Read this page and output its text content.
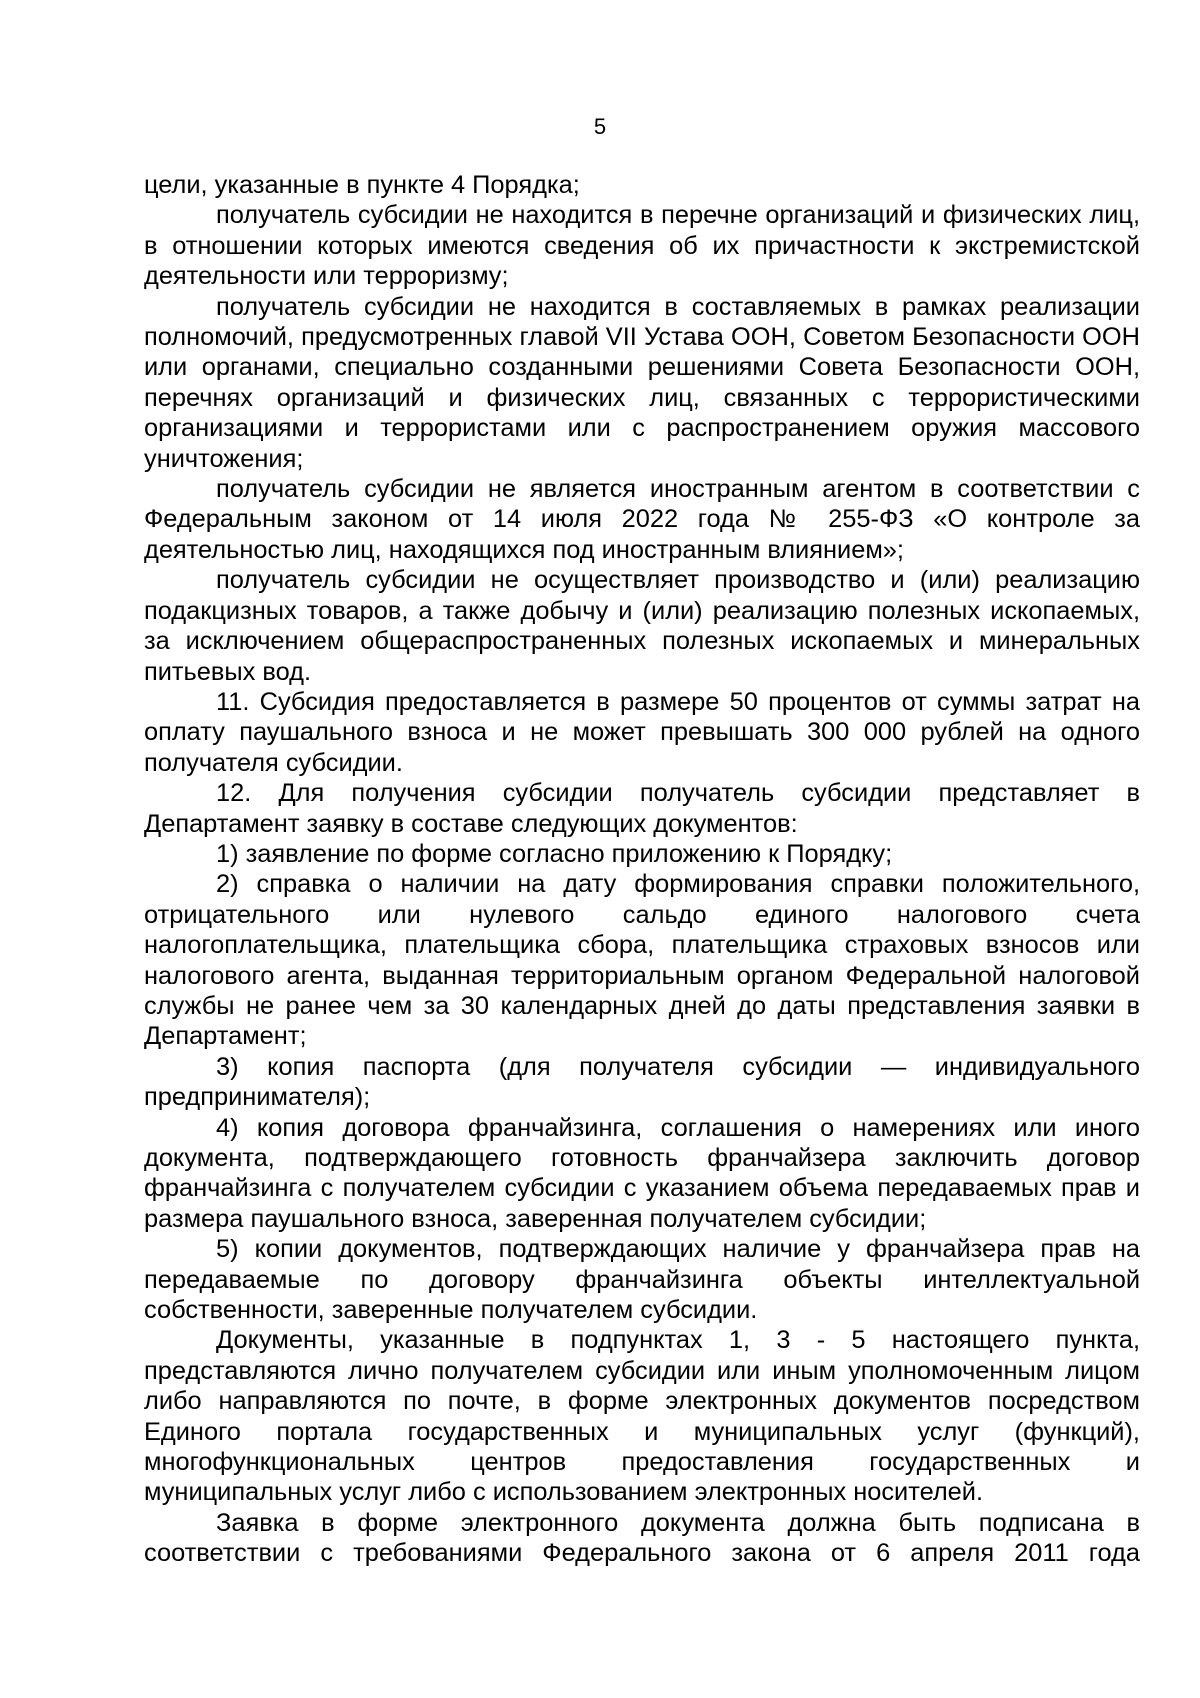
5

цели, указанные в пункте 4 Порядка;

получатель субсидии не находится в перечне организаций и физических лиц, в отношении которых имеются сведения об их причастности к экстремистской деятельности или терроризму;

получатель субсидии не находится в составляемых в рамках реализации полномочий, предусмотренных главой VII Устава ООН, Советом Безопасности ООН или органами, специально созданными решениями Совета Безопасности ООН, перечнях организаций и физических лиц, связанных с террористическими организациями и террористами или с распространением оружия массового уничтожения;

получатель субсидии не является иностранным агентом в соответствии с Федеральным законом от 14 июля 2022 года № 255-ФЗ «О контроле за деятельностью лиц, находящихся под иностранным влиянием»;

получатель субсидии не осуществляет производство и (или) реализацию подакцизных товаров, а также добычу и (или) реализацию полезных ископаемых, за исключением общераспространенных полезных ископаемых и минеральных питьевых вод.

11. Субсидия предоставляется в размере 50 процентов от суммы затрат на оплату паушального взноса и не может превышать 300 000 рублей на одного получателя субсидии.

12. Для получения субсидии получатель субсидии представляет в Департамент заявку в составе следующих документов:

1) заявление по форме согласно приложению к Порядку;

2) справка о наличии на дату формирования справки положительного, отрицательного или нулевого сальдо единого налогового счета налогоплательщика, плательщика сбора, плательщика страховых взносов или налогового агента, выданная территориальным органом Федеральной налоговой службы не ранее чем за 30 календарных дней до даты представления заявки в Департамент;

3) копия паспорта (для получателя субсидии — индивидуального предпринимателя);

4) копия договора франчайзинга, соглашения о намерениях или иного документа, подтверждающего готовность франчайзера заключить договор франчайзинга с получателем субсидии с указанием объема передаваемых прав и размера паушального взноса, заверенная получателем субсидии;

5) копии документов, подтверждающих наличие у франчайзера прав на передаваемые по договору франчайзинга объекты интеллектуальной собственности, заверенные получателем субсидии.

Документы, указанные в подпунктах 1, 3 - 5 настоящего пункта, представляются лично получателем субсидии или иным уполномоченным лицом либо направляются по почте, в форме электронных документов посредством Единого портала государственных и муниципальных услуг (функций), многофункциональных центров предоставления государственных и муниципальных услуг либо с использованием электронных носителей.

Заявка в форме электронного документа должна быть подписана в соответствии с требованиями Федерального закона от 6 апреля 2011 года
